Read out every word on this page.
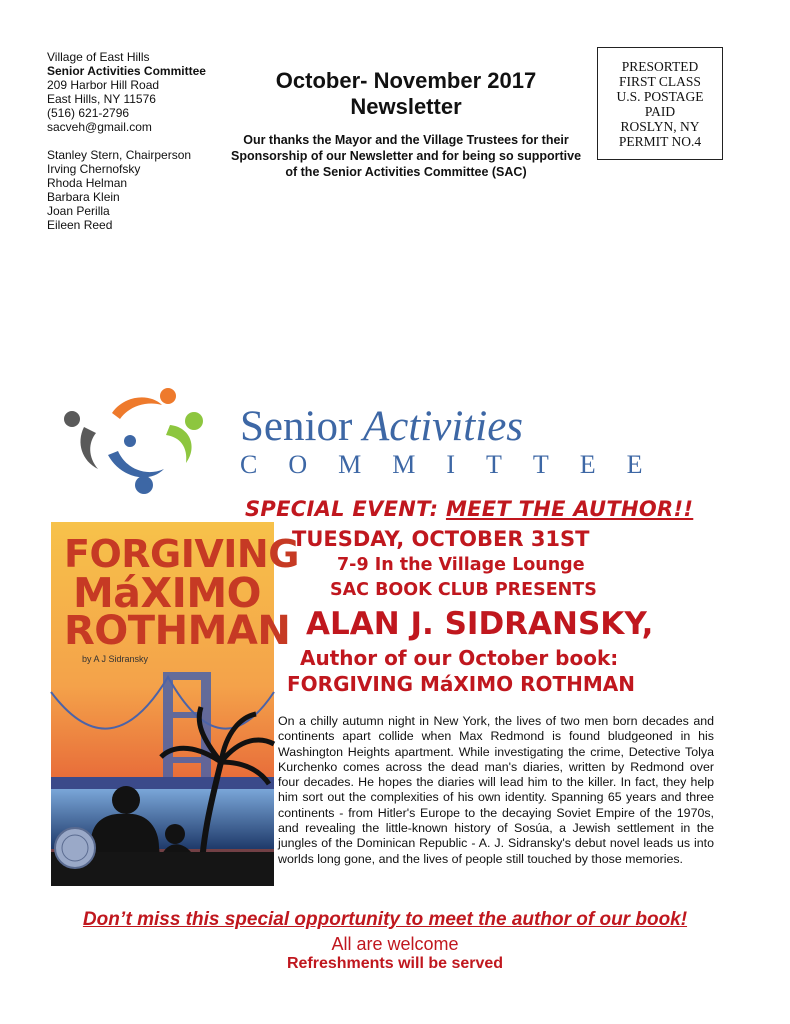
Village of East Hills
Senior Activities Committee
209 Harbor Hill Road
East Hills, NY 11576
(516) 621-2796
sacveh@gmail.com
Stanley Stern, Chairperson
Irving Chernofsky
Rhoda Helman
Barbara Klein
Joan Perilla
Eileen Reed
October- November 2017
Newsletter
Our thanks the Mayor and the Village Trustees for their Sponsorship of our Newsletter and for being so supportive of the Senior Activities Committee (SAC)
PRESORTED
FIRST CLASS
U.S. POSTAGE
PAID
ROSLYN, NY
PERMIT NO.4
Senior Activities
COMMITTEE
SPECIAL EVENT: MEET THE AUTHOR!!
TUESDAY, OCTOBER 31ST
7-9 In the Village Lounge
SAC BOOK CLUB PRESENTS
ALAN J. SIDRANSKY,
Author of our October book:
FORGIVING MáXIMO ROTHMAN
FORGIVING
MáXIMO
ROTHMAN
by A J Sidransky
On a chilly autumn night in New York, the lives of two men born decades and continents apart collide when Max Redmond is found bludgeoned in his Washington Heights apartment. While investigating the crime, Detective Tolya Kurchenko comes across the dead man's diaries, written by Redmond over four decades. He hopes the diaries will lead him to the killer. In fact, they help him sort out the complexities of his own identity. Spanning 65 years and three continents - from Hitler's Europe to the decaying Soviet Empire of the 1970s, and revealing the little-known history of Sosúa, a Jewish settlement in the jungles of the Dominican Republic - A. J. Sidransky's debut novel leads us into worlds long gone, and the lives of people still touched by those memories.
Don’t miss this special opportunity to meet the author of our book!
All are welcome
Refreshments will be served
